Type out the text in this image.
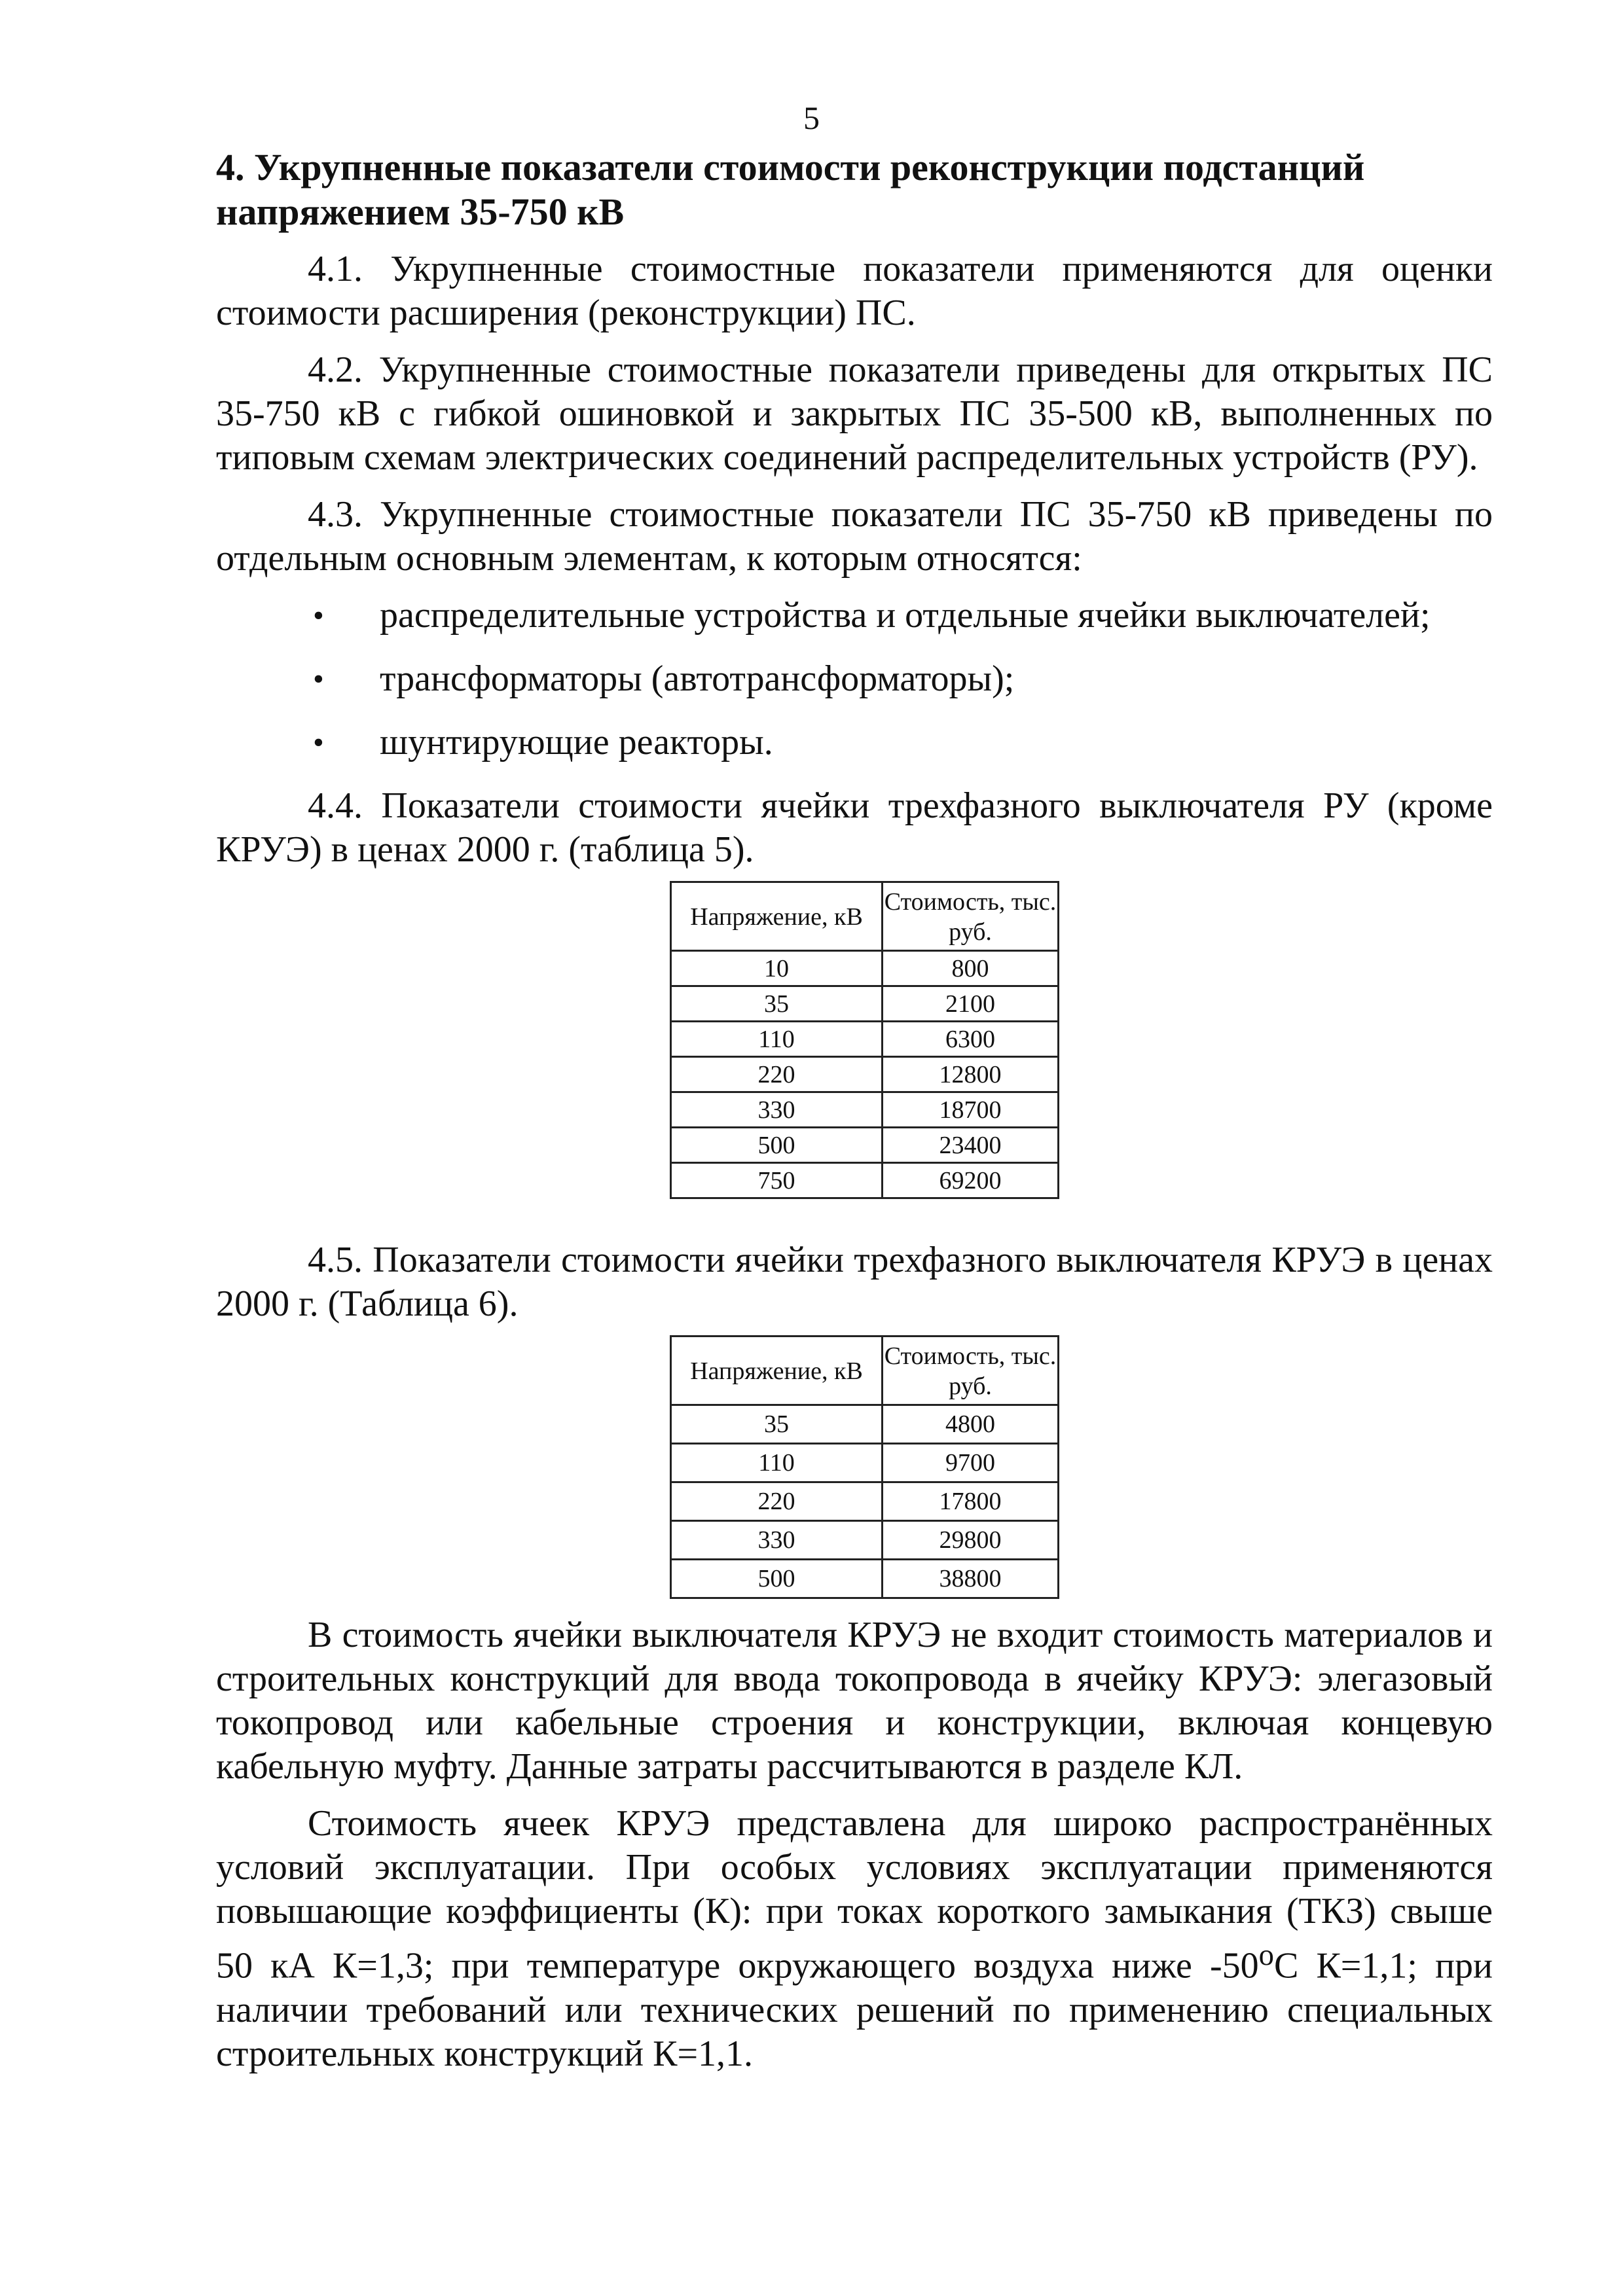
5
4. Укрупненные показатели стоимости реконструкции подстанций напряжением 35-750 кВ

4.1. Укрупненные стоимостные показатели применяются для оценки стоимости расширения (реконструкции) ПС.

4.2. Укрупненные стоимостные показатели приведены для открытых ПС 35-750 кВ с гибкой ошиновкой и закрытых ПС 35-500 кВ, выполненных по типовым схемам электрических соединений распределительных устройств (РУ).

4.3. Укрупненные стоимостные показатели ПС 35-750 кВ приведены по отдельным основным элементам, к которым относятся:

• распределительные устройства и отдельные ячейки выключателей;
• трансформаторы (автотрансформаторы);
• шунтирующие реакторы.

4.4. Показатели стоимости ячейки трехфазного выключателя РУ (кроме КРУЭ) в ценах 2000 г. (таблица 5).

Напряжение, кВ	Стоимость, тыс. руб.
10	800
35	2100
110	6300
220	12800
330	18700
500	23400
750	69200

4.5. Показатели стоимости ячейки трехфазного выключателя КРУЭ в ценах 2000 г. (Таблица 6).

Напряжение, кВ	Стоимость, тыс. руб.
35	4800
110	9700
220	17800
330	29800
500	38800

В стоимость ячейки выключателя КРУЭ не входит стоимость материалов и строительных конструкций для ввода токопровода в ячейку КРУЭ: элегазовый токопровод или кабельные строения и конструкции, включая концевую кабельную муфту. Данные затраты рассчитываются в разделе КЛ.

Стоимость ячеек КРУЭ представлена для широко распространённых условий эксплуатации. При особых условиях эксплуатации применяются повышающие коэффициенты (К): при токах короткого замыкания (ТКЗ) свыше 50 кА К=1,3; при температуре окружающего воздуха ниже $-50^оС$ К=1,1; при наличии требований или технических решений по применению специальных строительных конструкций К=1,1.
